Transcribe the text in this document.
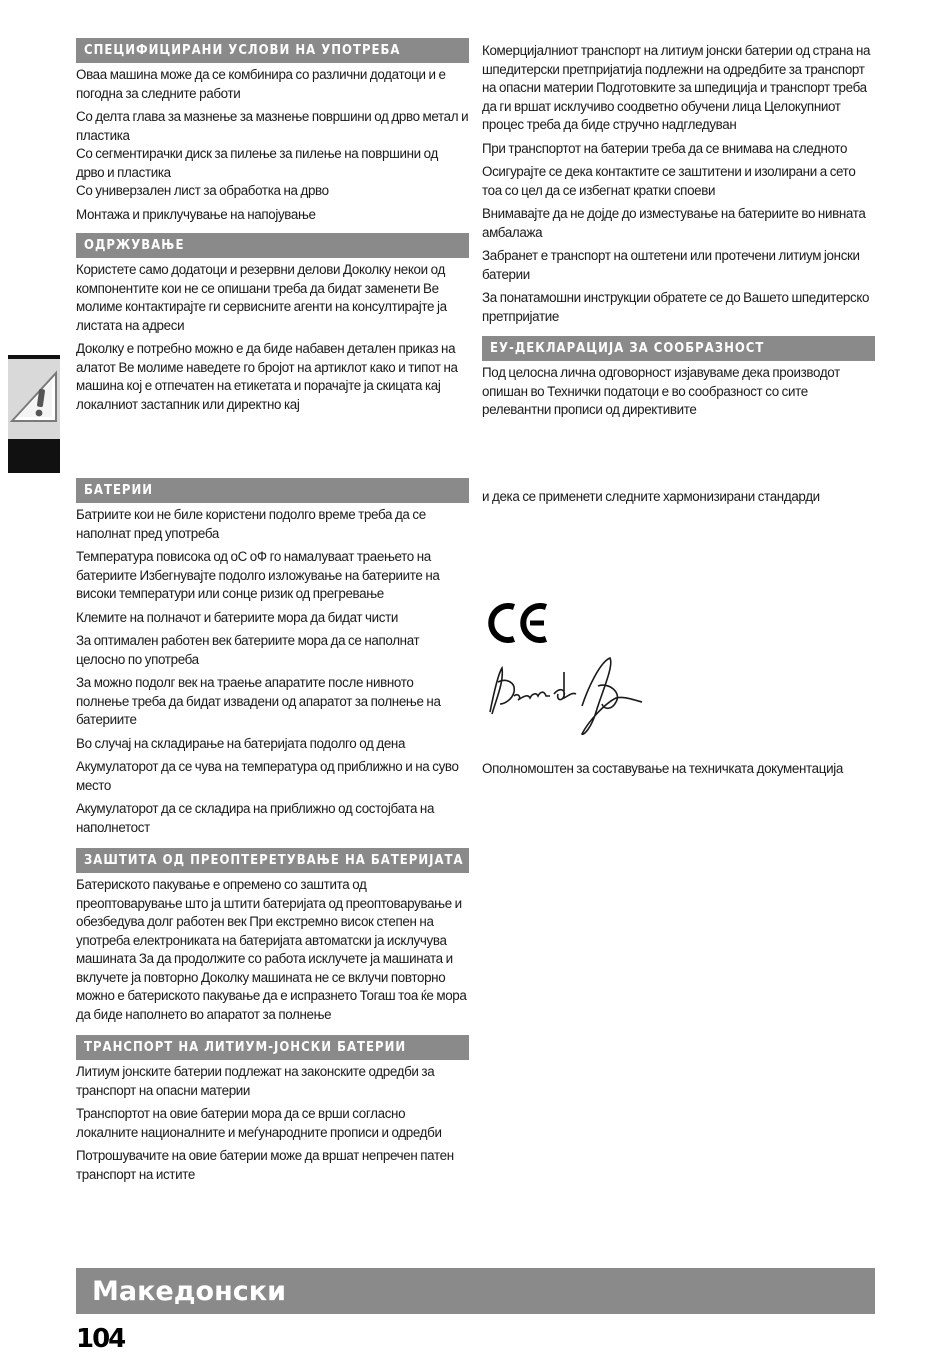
СПЕЦИФИЦИРАНИ УСЛОВИ НА УПОТРЕБА

Оваа машина може да се комбинира со различни додатоци и е погодна за следните работи

Со делта глава за мазнење за мазнење површини од дрво метал и пластика

Со сегментирачки диск за пилење за пилење на површини од дрво и пластика

Со универзален лист за обработка на дрво

Монтажа и приклучување на напојување

ОДРЖУВАЊЕ

Користете само додатоци и резервни делови Доколку некои од компонентите кои не се опишани треба да бидат заменети Ве молиме контактирајте ги сервисните агенти на консултирајте ја листата на адреси

Доколку е потребно можно е да биде набавен деталeн приказ на алатот Ве молиме наведете го бројот на артиклот како и типот на машина кој е отпечатен на етикетата и порачајте ја скицата кај локалниот застапник или директно кај

БАТЕРИИ

Батриите кои не биле користени подолго време треба да се наполнат пред употреба

Температура повисока од оС оФ го намалуваат траењето на батериите Избегнувајте подолго изложување на батериите на високи температури или сонце ризик од прегревање

Клемите на полначот и батериите мора да бидат чисти

За оптимален работен век батериите мора да се наполнат целосно по употреба

За можно подолг век на траење апаратите после нивното полнење треба да бидат извадени од апаратот за полнење на батериите

Во случај на складирање на батеријата подолго од дена

Акумулаторот да се чува на температура од приближно и на суво место

Акумулаторот да се складира на приближно од состојбата на наполнетост

ЗАШТИТА ОД ПРЕОПТЕРЕТУВАЊЕ НА БАТЕРИЈАТА

Батериското пакување е опремено со заштита од преоптоварување што ја штити батеријата од преоптоварување и обезбедува долг работен век При екстремно висок степен на употреба електрониката на батеријата автоматски ја исклучува машината За да продолжите со работа исклучете ја машината и вклучете ја повторно Доколку машината не се вклучи повторно можно е батериското пакување да е испразнето Тогаш тоа ќе мора да биде наполнето во апаратот за полнење

ТРАНСПОРТ НА ЛИТИУМ-ЈОНСКИ БАТЕРИИ

Литиум јонските батерии подлежат на законските одредби за транспорт на опасни материи

Транспортот на овие батерии мора да се врши согласно локалните националните и меѓународните прописи и одредби

Потрошувачите на овие батерии може да вршат непречен патен транспорт на истите

Комерцијалниот транспорт на литиум јонски батерии од страна на шпедитерски претпријатија подлежни на одредбите за транспорт на опасни материи Подготовките за шпедиција и транспорт треба да ги вршат исклучиво соодветно обучени лица Целокупниот процес треба да биде стручно надгледуван

При транспортот на батерии треба да се внимава на следното

Осигурајте се дека контактите се заштитени и изолирани а сето тоа со цел да се избегнат кратки споеви

Внимавајте да не дојде до изместување на батериите во нивната амбалажа

Забранет е транспорт на оштетени или протечени литиум јонски батерии

За понатамошни инструкции обратете се до Вашето шпедитерско претпријатие

ЕУ-ДЕКЛАРАЦИЈА ЗА СООБРАЗНОСТ

Под целосна лична одговорност изјавуваме дека производот опишан во Технички податоци е во сообразност со сите релевантни прописи од директивите

и дека се применети следните хармонизирани стандарди

CE

Ополномоштен за составување на техничката документација

Македонски
104
